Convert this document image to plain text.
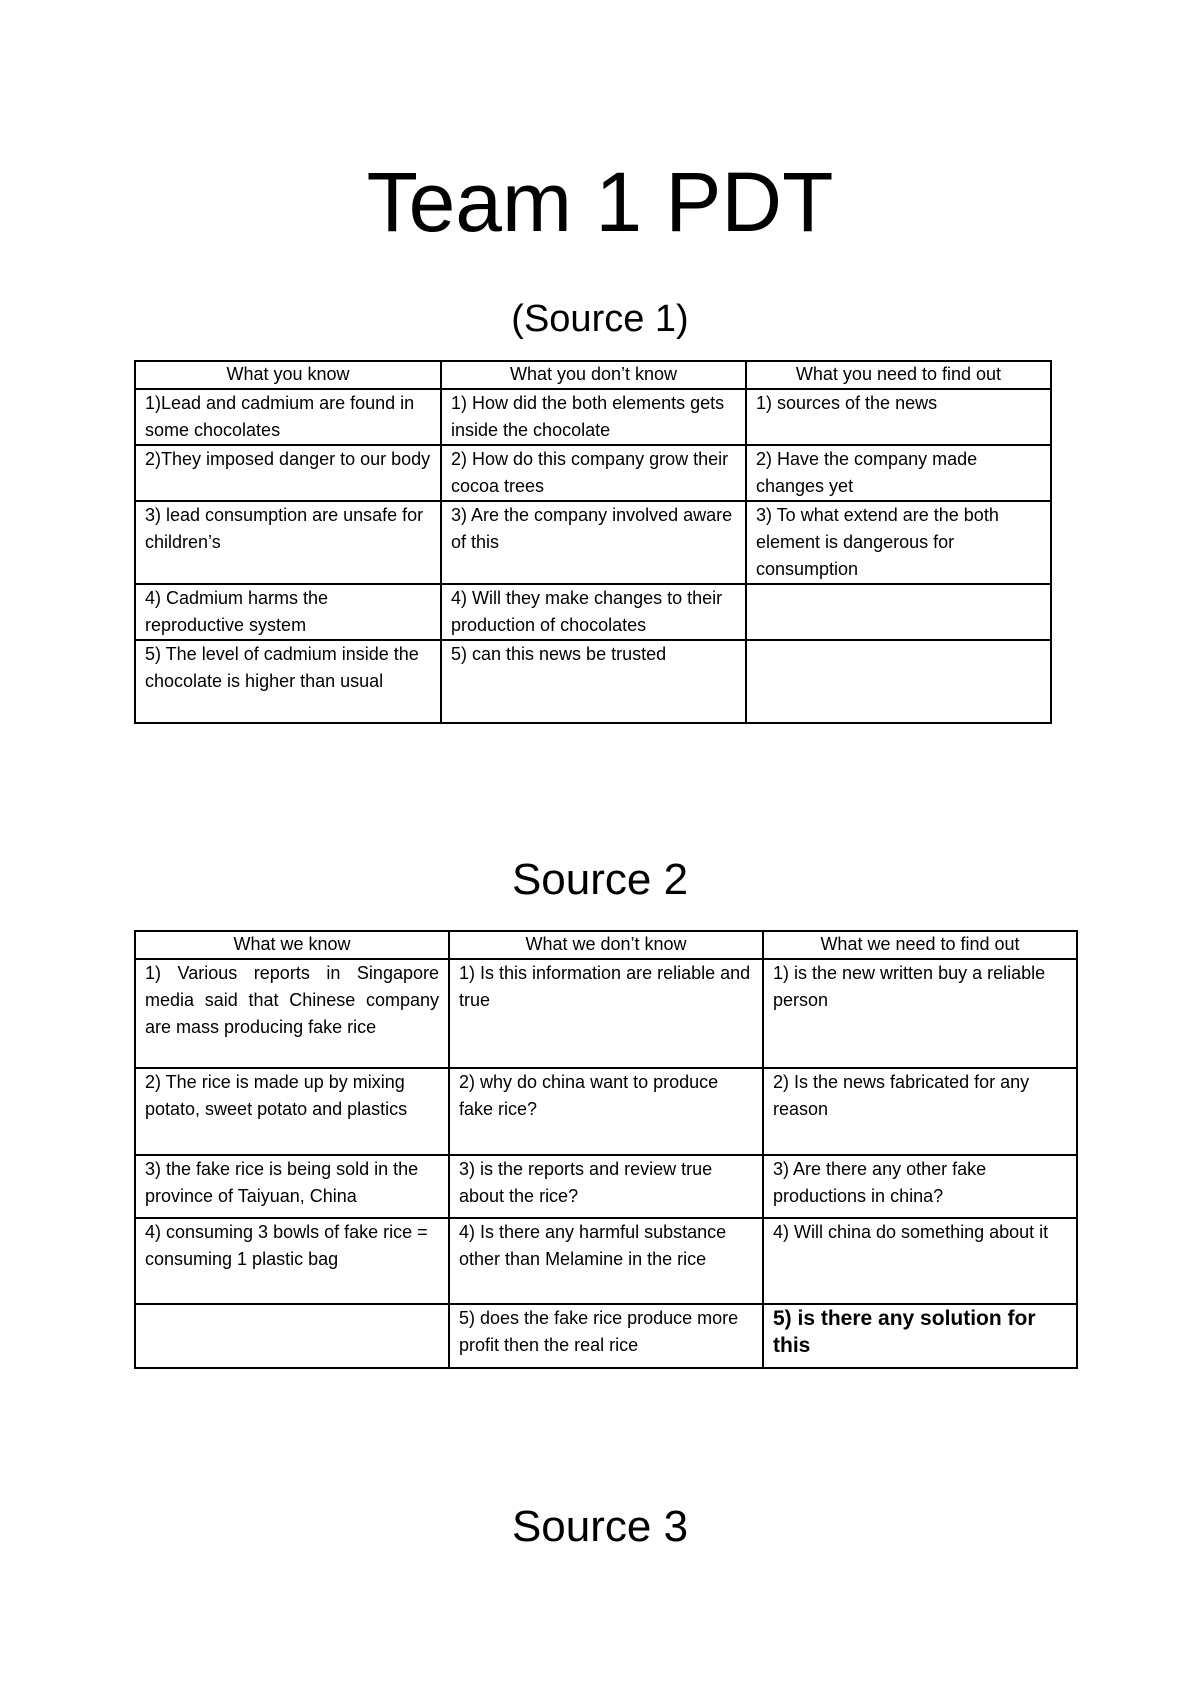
Team 1 PDT
(Source 1)
What you know	What you don’t know	What you need to find out
1)Lead and cadmium are found in some chocolates	1) How did the both elements gets inside the chocolate	1) sources of the news
2)They imposed danger to our body	2) How do this company grow their cocoa trees	2) Have the company made changes yet
3) lead consumption are unsafe for children’s	3) Are the company involved aware of this	3) To what extend are the both element is dangerous for consumption
4) Cadmium harms the reproductive system	4) Will they make changes to their production of chocolates	
5) The level of cadmium inside the chocolate is higher than usual	5) can this news be trusted	
Source 2
What we know	What we don’t know	What we need to find out
1) Various reports in Singapore media said that Chinese company are mass producing fake rice	1) Is this information are reliable and true	1) is the new written buy a reliable person
2) The rice is made up by mixing potato, sweet potato and plastics	2) why do china want to produce fake rice?	2) Is the news fabricated for any reason
3) the fake rice is being sold in the province of Taiyuan, China	3) is the reports and review true about the rice?	3) Are there any other fake productions in china?
4) consuming 3 bowls of fake rice = consuming 1 plastic bag	4) Is there any harmful substance other than Melamine in the rice	4) Will china do something about it
	5) does the fake rice produce more profit then the real rice	5) is there any solution for this
Source 3
